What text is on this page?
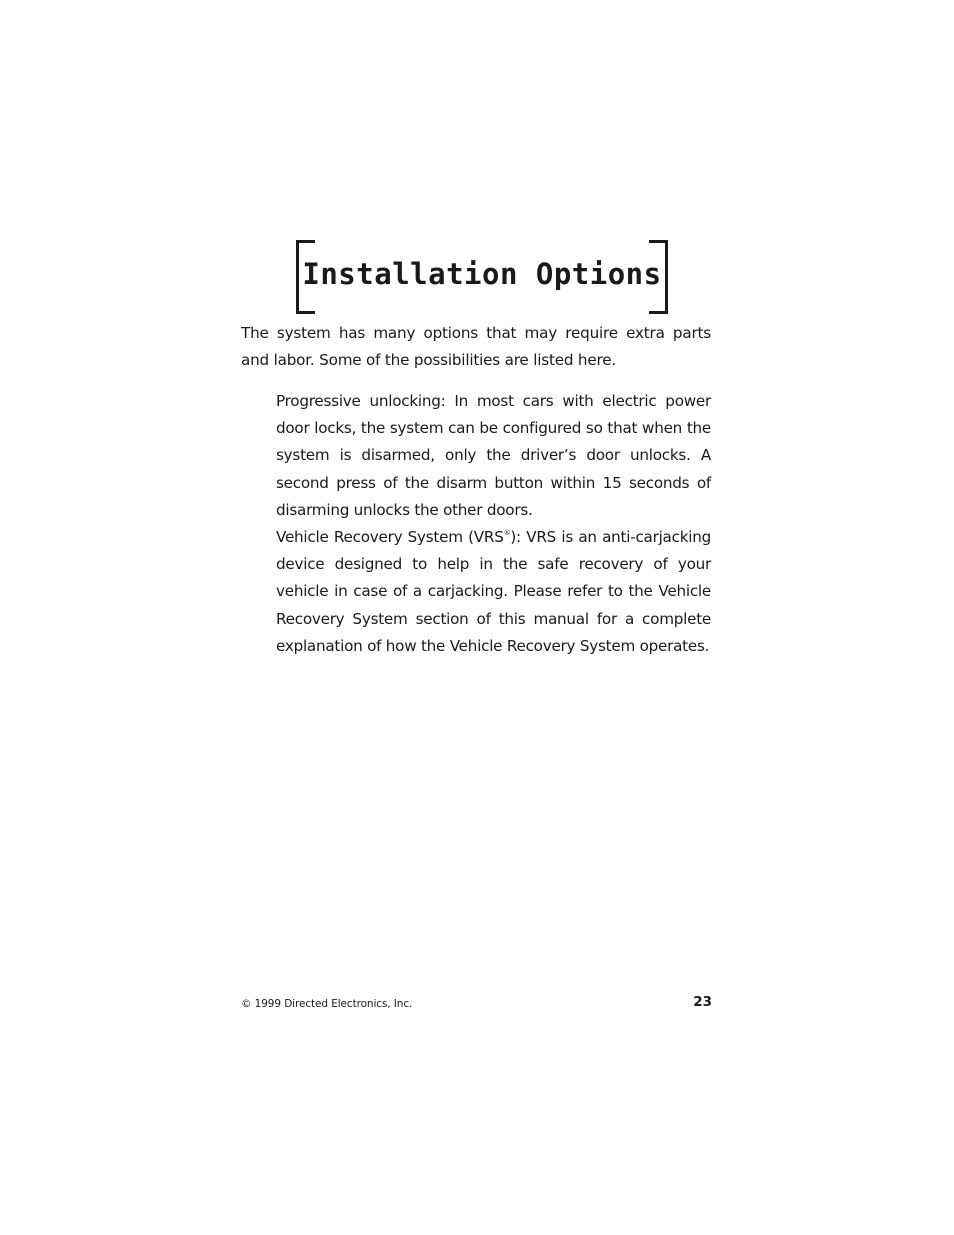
Installation Options

The system has many options that may require extra parts and labor. Some of the possibilities are listed here.

Progressive unlocking: In most cars with electric power door locks, the system can be configured so that when the system is disarmed, only the driver’s door unlocks. A second press of the disarm button within 15 seconds of disarming unlocks the other doors.

Vehicle Recovery System (VRS®): VRS is an anti-carjacking device designed to help in the safe recovery of your vehicle in case of a carjacking. Please refer to the Vehicle Recovery System section of this manual for a complete explanation of how the Vehicle Recovery System operates.

© 1999 Directed Electronics, Inc.	23
